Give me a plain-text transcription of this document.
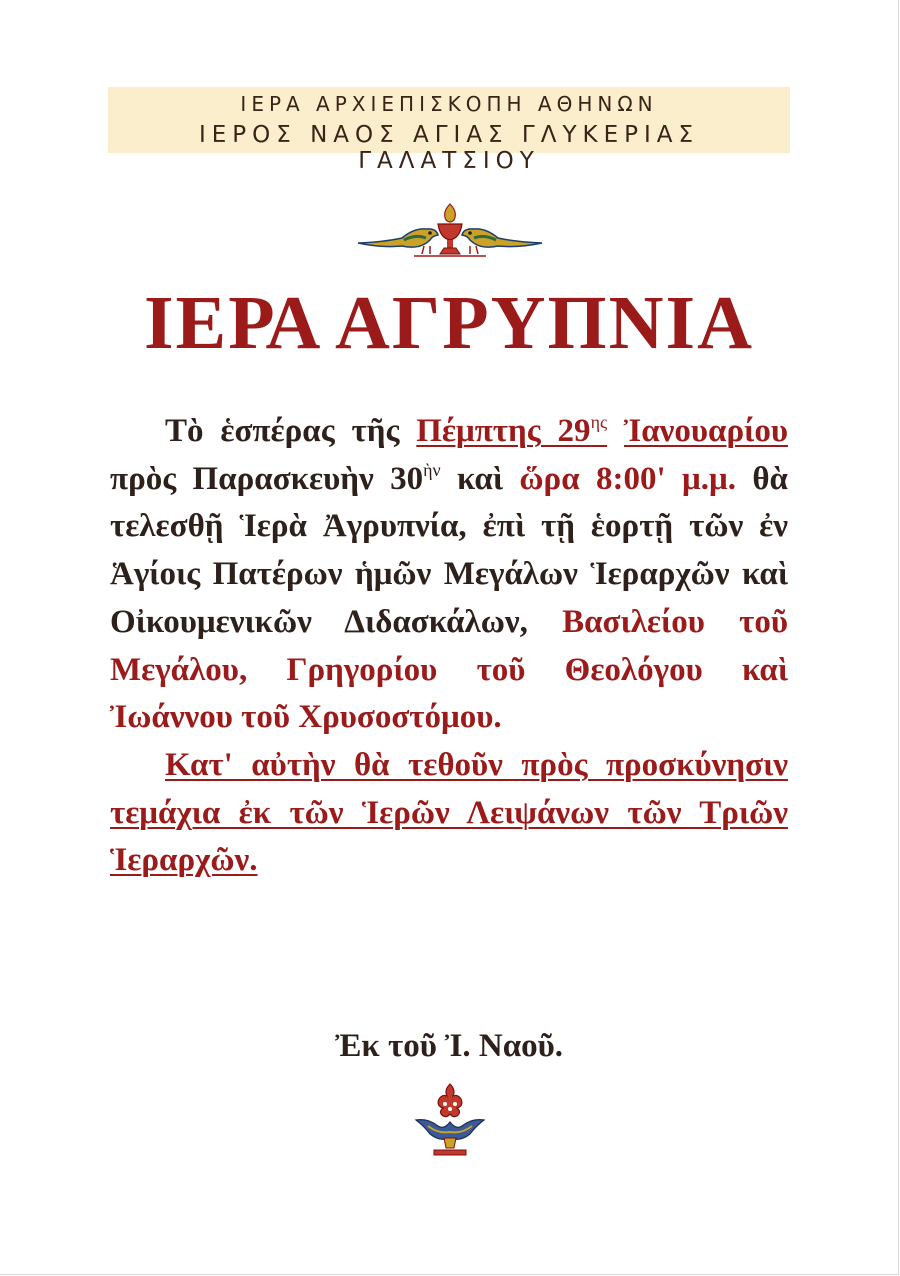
ΙΕΡΑ ΑΡΧΙΕΠΙΣΚΟΠΗ ΑΘΗΝΩΝ
ΙΕΡΟΣ ΝΑΟΣ ΑΓΙΑΣ ΓΛΥΚΕΡΙΑΣ ΓΑΛΑΤΣΙΟΥ
ΙΕΡΑ ΑΓΡΥΠΝΙΑ

Τὸ ἑσπέρας τῆς Πέμπτης $29^{\eta\varsigma}$ Ἰανουαρίου πρὸς Παρασκευὴν $30^{ὴ\nu}$ καὶ ὥρα 8:00' μ.μ. θὰ τελεσθῇ Ἱερὰ Ἀγρυπνία, ἐπὶ τῇ ἑορτῇ τῶν ἐν Ἁγίοις Πατέρων ἡμῶν Μεγάλων Ἱεραρχῶν καὶ Οἰκουμενικῶν Διδασκάλων, Βασιλείου τοῦ Μεγάλου, Γρηγορίου τοῦ Θεολόγου καὶ Ἰωάννου τοῦ Χρυσοστόμου.

Κατ' αὐτὴν θὰ τεθοῦν πρὸς προσκύνησιν τεμάχια ἐκ τῶν Ἱερῶν Λειψάνων τῶν Τριῶν Ἱεραρχῶν.

Ἐκ τοῦ Ἰ. Ναοῦ.
